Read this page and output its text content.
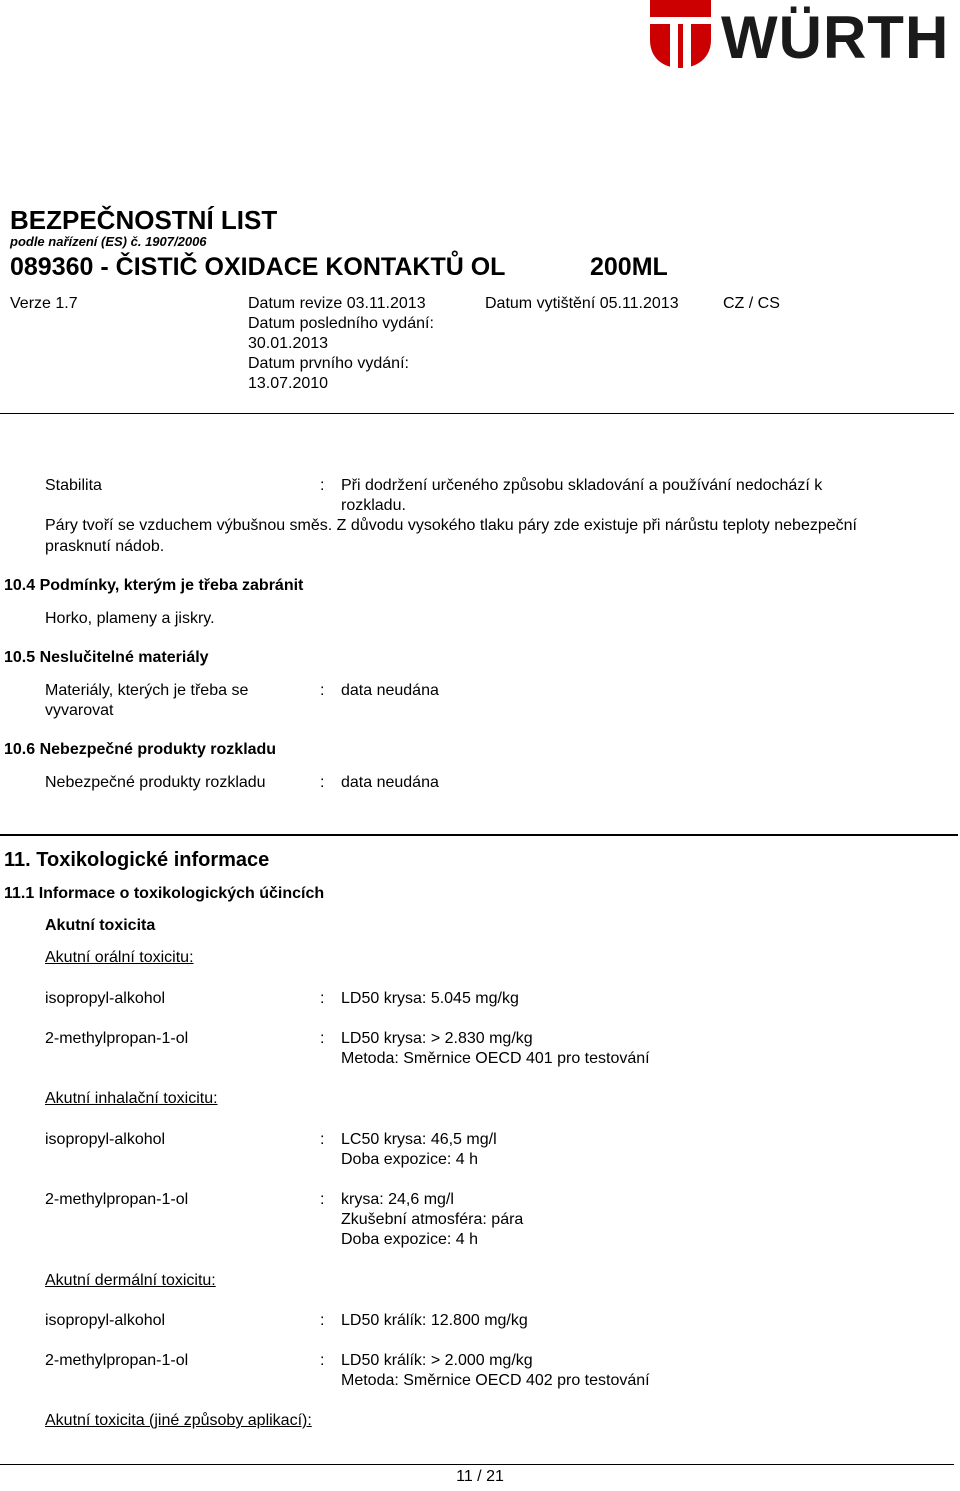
WÜRTH
BEZPEČNOSTNÍ LIST
podle nařízení (ES) č. 1907/2006
089360 - ČISTIČ OXIDACE KONTAKTŮ OL	200ML
Verze 1.7	Datum revize 03.11.2013
Datum posledního vydání:
30.01.2013
Datum prvního vydání:
13.07.2010
Datum vytištění 05.11.2013	CZ / CS
Stabilita	: Při dodržení určeného způsobu skladování a používání nedochází k
rozkladu.
Páry tvoří se vzduchem výbušnou směs. Z důvodu vysokého tlaku páry zde existuje při nárůstu teploty nebezpeční
prasknutí nádob.
10.4 Podmínky, kterým je třeba zabránit
Horko, plameny a jiskry.
10.5 Neslučitelné materiály
Materiály, kterých je třeba se
vyvarovat
: data neudána
10.6 Nebezpečné produkty rozkladu
Nebezpečné produkty rozkladu	: data neudána
11. Toxikologické informace
11.1 Informace o toxikologických účincích
Akutní toxicita
Akutní orální toxicitu:
isopropyl-alkohol	: LD50 krysa: 5.045 mg/kg
2-methylpropan-1-ol	: LD50 krysa: > 2.830 mg/kg
Metoda: Směrnice OECD 401 pro testování
Akutní inhalační toxicitu:
isopropyl-alkohol	: LC50 krysa: 46,5 mg/l
Doba expozice: 4 h
2-methylpropan-1-ol	: krysa: 24,6 mg/l
Zkušební atmosféra: pára
Doba expozice: 4 h
Akutní dermální toxicitu:
isopropyl-alkohol	: LD50 králík: 12.800 mg/kg
2-methylpropan-1-ol	: LD50 králík: > 2.000 mg/kg
Metoda: Směrnice OECD 402 pro testování
Akutní toxicita (jiné způsoby aplikací):
11 / 21
